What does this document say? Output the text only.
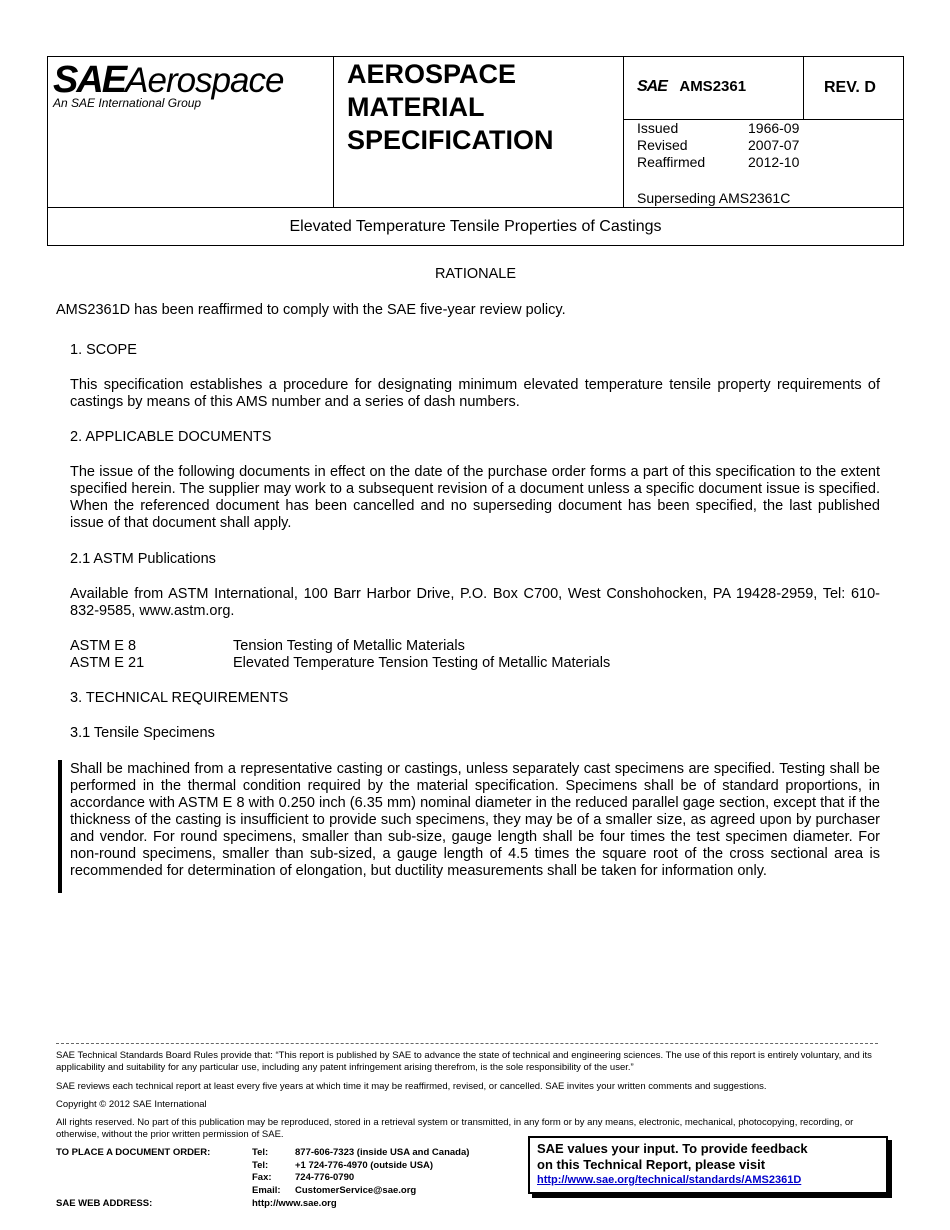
SAEAerospace
An SAE International Group
AEROSPACE
MATERIAL
SPECIFICATION
SAE AMS2361	REV. D
Issued	1966-09
Revised	2007-07
Reaffirmed	2012-10
Superseding AMS2361C
Elevated Temperature Tensile Properties of Castings
RATIONALE
AMS2361D has been reaffirmed to comply with the SAE five-year review policy.
1. SCOPE
This specification establishes a procedure for designating minimum elevated temperature tensile property requirements of castings by means of this AMS number and a series of dash numbers.
2. APPLICABLE DOCUMENTS
The issue of the following documents in effect on the date of the purchase order forms a part of this specification to the extent specified herein. The supplier may work to a subsequent revision of a document unless a specific document issue is specified. When the referenced document has been cancelled and no superseding document has been specified, the last published issue of that document shall apply.
2.1 ASTM Publications
Available from ASTM International, 100 Barr Harbor Drive, P.O. Box C700, West Conshohocken, PA 19428-2959, Tel: 610-832-9585, www.astm.org.
ASTM E 8	Tension Testing of Metallic Materials
ASTM E 21	Elevated Temperature Tension Testing of Metallic Materials
3. TECHNICAL REQUIREMENTS
3.1 Tensile Specimens
Shall be machined from a representative casting or castings, unless separately cast specimens are specified. Testing shall be performed in the thermal condition required by the material specification. Specimens shall be of standard proportions, in accordance with ASTM E 8 with 0.250 inch (6.35 mm) nominal diameter in the reduced parallel gage section, except that if the thickness of the casting is insufficient to provide such specimens, they may be of a smaller size, as agreed upon by purchaser and vendor. For round specimens, smaller than sub-size, gauge length shall be four times the test specimen diameter. For non-round specimens, smaller than sub-sized, a gauge length of 4.5 times the square root of the cross sectional area is recommended for determination of elongation, but ductility measurements shall be taken for information only.
SAE Technical Standards Board Rules provide that: “This report is published by SAE to advance the state of technical and engineering sciences. The use of this report is entirely voluntary, and its applicability and suitability for any particular use, including any patent infringement arising therefrom, is the sole responsibility of the user.”
SAE reviews each technical report at least every five years at which time it may be reaffirmed, revised, or cancelled. SAE invites your written comments and suggestions.
Copyright © 2012 SAE International
All rights reserved. No part of this publication may be reproduced, stored in a retrieval system or transmitted, in any form or by any means, electronic, mechanical, photocopying, recording, or otherwise, without the prior written permission of SAE.
TO PLACE A DOCUMENT ORDER:	Tel:	877-606-7323 (inside USA and Canada)
Tel:	+1 724-776-4970 (outside USA)
Fax: 724-776-0790
Email: CustomerService@sae.org
SAE WEB ADDRESS:	http://www.sae.org
SAE values your input. To provide feedback
on this Technical Report, please visit
http://www.sae.org/technical/standards/AMS2361D
